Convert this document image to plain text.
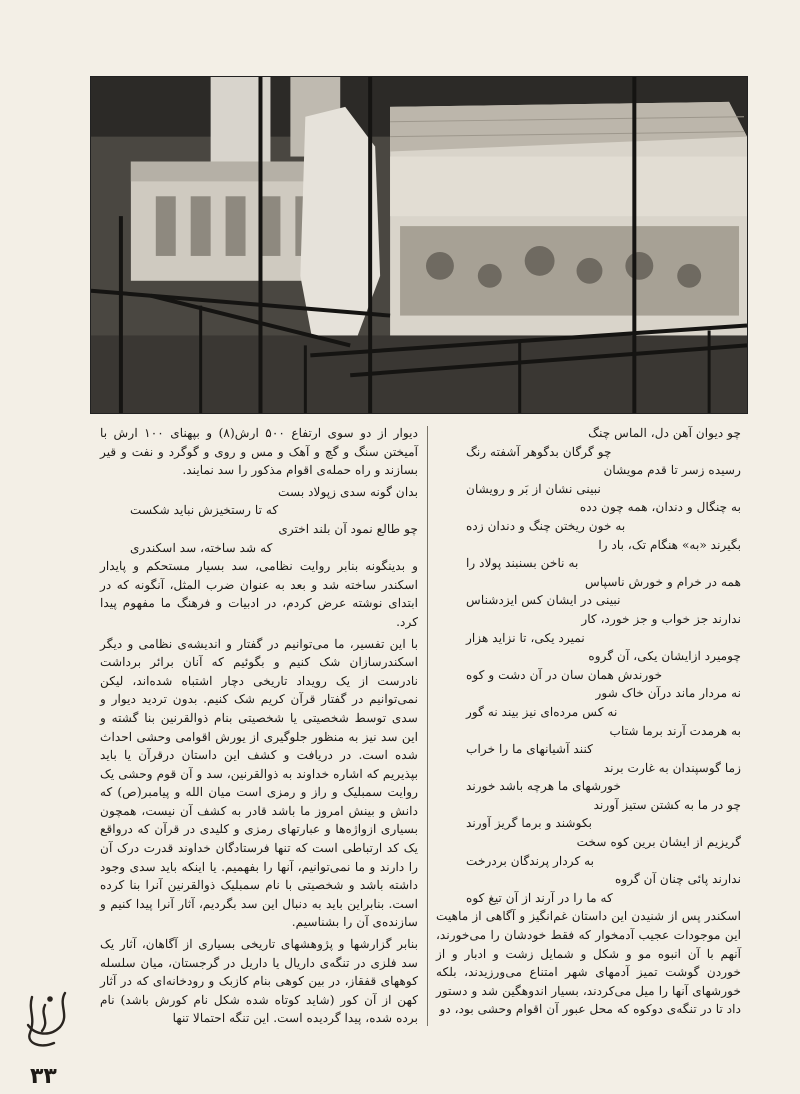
دیوار از دو سوی ارتفاع ۵۰۰ ارش(۸) و بپهنای ۱۰۰ ارش با آمیختن سنگ و گچ و آهک و مس و روی و گوگرد و نفت و قیر بسازند و راه حمله‌ی اقوام مذکور را سد نمایند.

بدان گونه سدی زپولاد بست
که تا رستخیزش نباید شکست
چو طالع نمود آن بلند اختری
که شد ساخته، سد اسکندری

و بدینگونه بنابر روایت نظامی، سد بسیار مستحکم و پایدار اسکندر ساخته شد و بعد به عنوان ضرب المثل، آنگونه که در ابتدای نوشته عرض کردم، در ادبیات و فرهنگ ما مفهوم پیدا کرد.

با این تفسیر، ما می‌توانیم در گفتار و اندیشه‌ی نظامی و دیگر اسکندرسازان شک کنیم و بگوئیم که آنان برائر برداشت نادرست از یک رویداد تاریخی دچار اشتباه شده‌اند، لیکن نمی‌توانیم در گفتار قرآن کریم شک کنیم. بدون تردید دیوار و سدی توسط شخصیتی یا شخصیتی بنام ذوالقرنین بنا گشته و این سد نیز به منظور جلوگیری از یورش اقوامی وحشی احداث شده است. در دریافت و کشف این داستان درقرآن یا باید بپذیریم که اشاره خداوند به ذوالقرنین، سد و آن قوم وحشی یک روایت سمبلیک و راز و رمزی است میان الله و پیامبر(ص) که دانش و بینش امروز ما باشد قادر به کشف آن نیست، همچون بسیاری ازواژه‌ها و عبارتهای رمزی و کلیدی در قرآن که درواقع یک کد ارتباطی است که تنها فرستادگان خداوند قدرت درک آن را دارند و ما نمی‌توانیم، آنها را بفهمیم. یا اینکه باید سدی وجود داشته باشد و شخصیتی با نام سمبلیک ذوالقرنین آنرا بنا کرده است. بنابراین باید به دنبال این سد بگردیم، آثار آنرا پیدا کنیم و سازنده‌ی آن را بشناسیم.

بنابر گزارشها و پژوهشهای تاریخی بسیاری از آگاهان، آثار یک سد فلزی در تنگه‌ی داریال یا داریل در گرجستان، میان سلسله کوههای قفقاز، در بین کوهی بنام کازبک و رودخانه‌ای که در آثار کهن از آن کور (شاید کوتاه شده شکل نام کورش باشد) نام برده شده، پیدا گردیده است. این تنگه احتمالا تنها

چو دیوان آهن دل، الماس چنگ
چو گرگان بدگوهر آشفته رنگ
رسیده زسر تا قدم مویشان
نبینی نشان از بَر و رویشان
به چنگال و دندان، همه چون دده
به خون ریختن چنگ و دندان زده
بگیرند «به» هنگام تک، باد را
به ناخن بسنبند پولاد را
همه در خرام و خورش ناسپاس
نبینی در ایشان کس ایزدشناس
ندارند جز خواب و جز خورد، کار
نمیرد یکی، تا نزاید هزار
چومیرد ازایشان یکی، آن گروه
خورندش همان سان در آن دشت و کوه
نه مردار ماند درآن خاک شور
نه کس مرده‌ای نیز بیند نه گور
به هرمدت آرند برما شتاب
کنند آشیانهای ما را خراب
زما گوسپندان به غارت برند
خورشهای ما هرچه باشد خورند
چو در ما به کشتن ستیز آورند
بکوشند و برما گریز آورند
گریزیم از ایشان برین کوه سخت
به کردار پرندگان بردرخت
ندارند پائی چنان آن گروه
که ما را در آرند از آن تیغ کوه

اسکندر پس از شنیدن این داستان غم‌انگیز و آگاهی از ماهیت این موجودات عجیب آدمخوار که فقط خودشان را می‌خورند، آنهم با آن انبوه مو و شکل و شمایل زشت و ادبار و از خوردن گوشت تمیز آدمهای شهر امتناع می‌ورزیدند، بلکه خورشهای آنها را میل می‌کردند، بسیار اندوهگین شد و دستور داد تا در تنگه‌ی دوکوه که محل عبور آن اقوام وحشی بود، دو

۳۳
